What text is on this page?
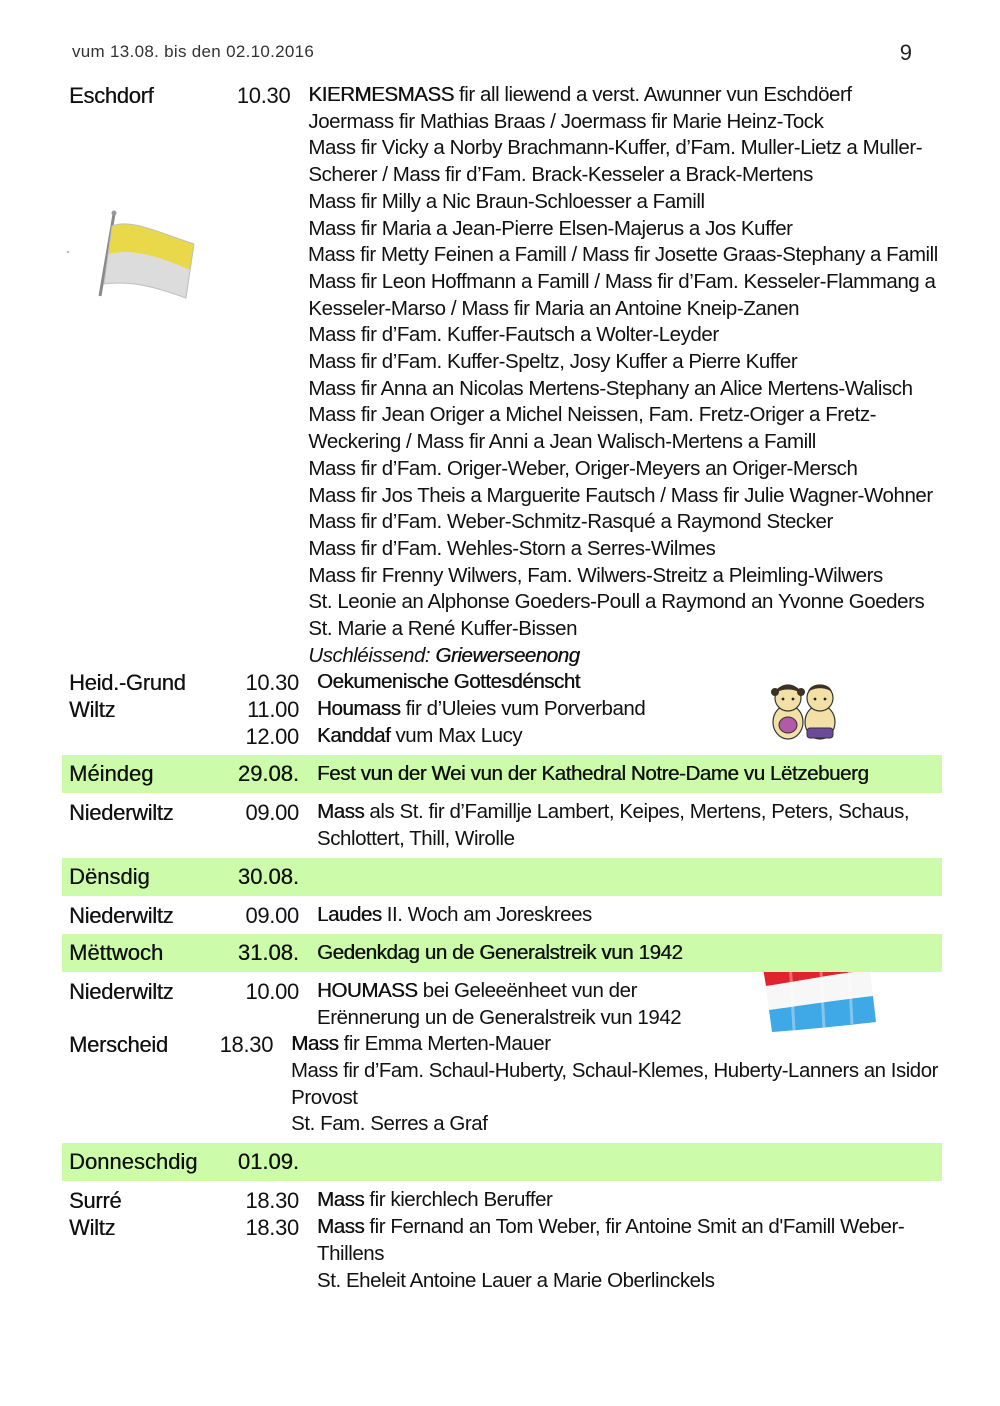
vum 13.08. bis den 02.10.2016	9
Eschdorf	10.30 KIERMESMASS fir all liewend a verst. Awunner vun Eschdöerf
Joermass fir Mathias Braas / Joermass fir Marie Heinz-Tock
Mass fir Vicky a Norby Brachmann-Kuffer, d’Fam. Muller-Lietz a Muller-
Scherer / Mass fir d’Fam. Brack-Kesseler a Brack-Mertens
Mass fir Milly a Nic Braun-Schloesser a Famill
Mass fir Maria a Jean-Pierre Elsen-Majerus a Jos Kuffer
Mass fir Metty Feinen a Famill / Mass fir Josette Graas-Stephany a Famill
Mass fir Leon Hoffmann a Famill / Mass fir d’Fam. Kesseler-Flammang a
Kesseler-Marso / Mass fir Maria an Antoine Kneip-Zanen
Mass fir d’Fam. Kuffer-Fautsch a Wolter-Leyder
Mass fir d’Fam. Kuffer-Speltz, Josy Kuffer a Pierre Kuffer
Mass fir Anna an Nicolas Mertens-Stephany an Alice Mertens-Walisch
Mass fir Jean Origer a Michel Neissen, Fam. Fretz-Origer a Fretz-
Weckering / Mass fir Anni a Jean Walisch-Mertens a Famill
Mass fir d’Fam. Origer-Weber, Origer-Meyers an Origer-Mersch
Mass fir Jos Theis a Marguerite Fautsch / Mass fir Julie Wagner-Wohner
Mass fir d’Fam. Weber-Schmitz-Rasqué a Raymond Stecker
Mass fir d’Fam. Wehles-Storn a Serres-Wilmes
Mass fir Frenny Wilwers, Fam. Wilwers-Streitz a Pleimling-Wilwers
St. Leonie an Alphonse Goeders-Poull a Raymond an Yvonne Goeders
St. Marie a René Kuffer-Bissen
Uschléissend: Griewerseenong
Heid.-Grund	10.30 Oekumenische Gottesdénscht
Wiltz	11.00 Houmass fir d’Uleies vum Porverband
12.00 Kanddaf vum Max Lucy
Méindeg	29.08. Fest vun der Wei vun der Kathedral Notre-Dame vu Lëtzebuerg
Niederwiltz	09.00 Mass als St. fir d’Famillje Lambert, Keipes, Mertens, Peters, Schaus,
Schlottert, Thill, Wirolle
Dënsdig	30.08.
Niederwiltz	09.00 Laudes II. Woch am Joreskrees
Mëttwoch	31.08. Gedenkdag un de Generalstreik vun 1942
Niederwiltz	10.00 HOUMASS bei Geleeënheet vun der
Erënnerung un de Generalstreik vun 1942
Merscheid	18.30 Mass fir Emma Merten-Mauer
Mass fir d’Fam. Schaul-Huberty, Schaul-Klemes, Huberty-Lanners an Isidor
Provost
St. Fam. Serres a Graf
Donneschdig	01.09.
Surré	18.30 Mass fir kierchlech Beruffer
Wiltz	18.30 Mass fir Fernand an Tom Weber, fir Antoine Smit an d'Famill Weber-
Thillens
St. Eheleit Antoine Lauer a Marie Oberlinckels
